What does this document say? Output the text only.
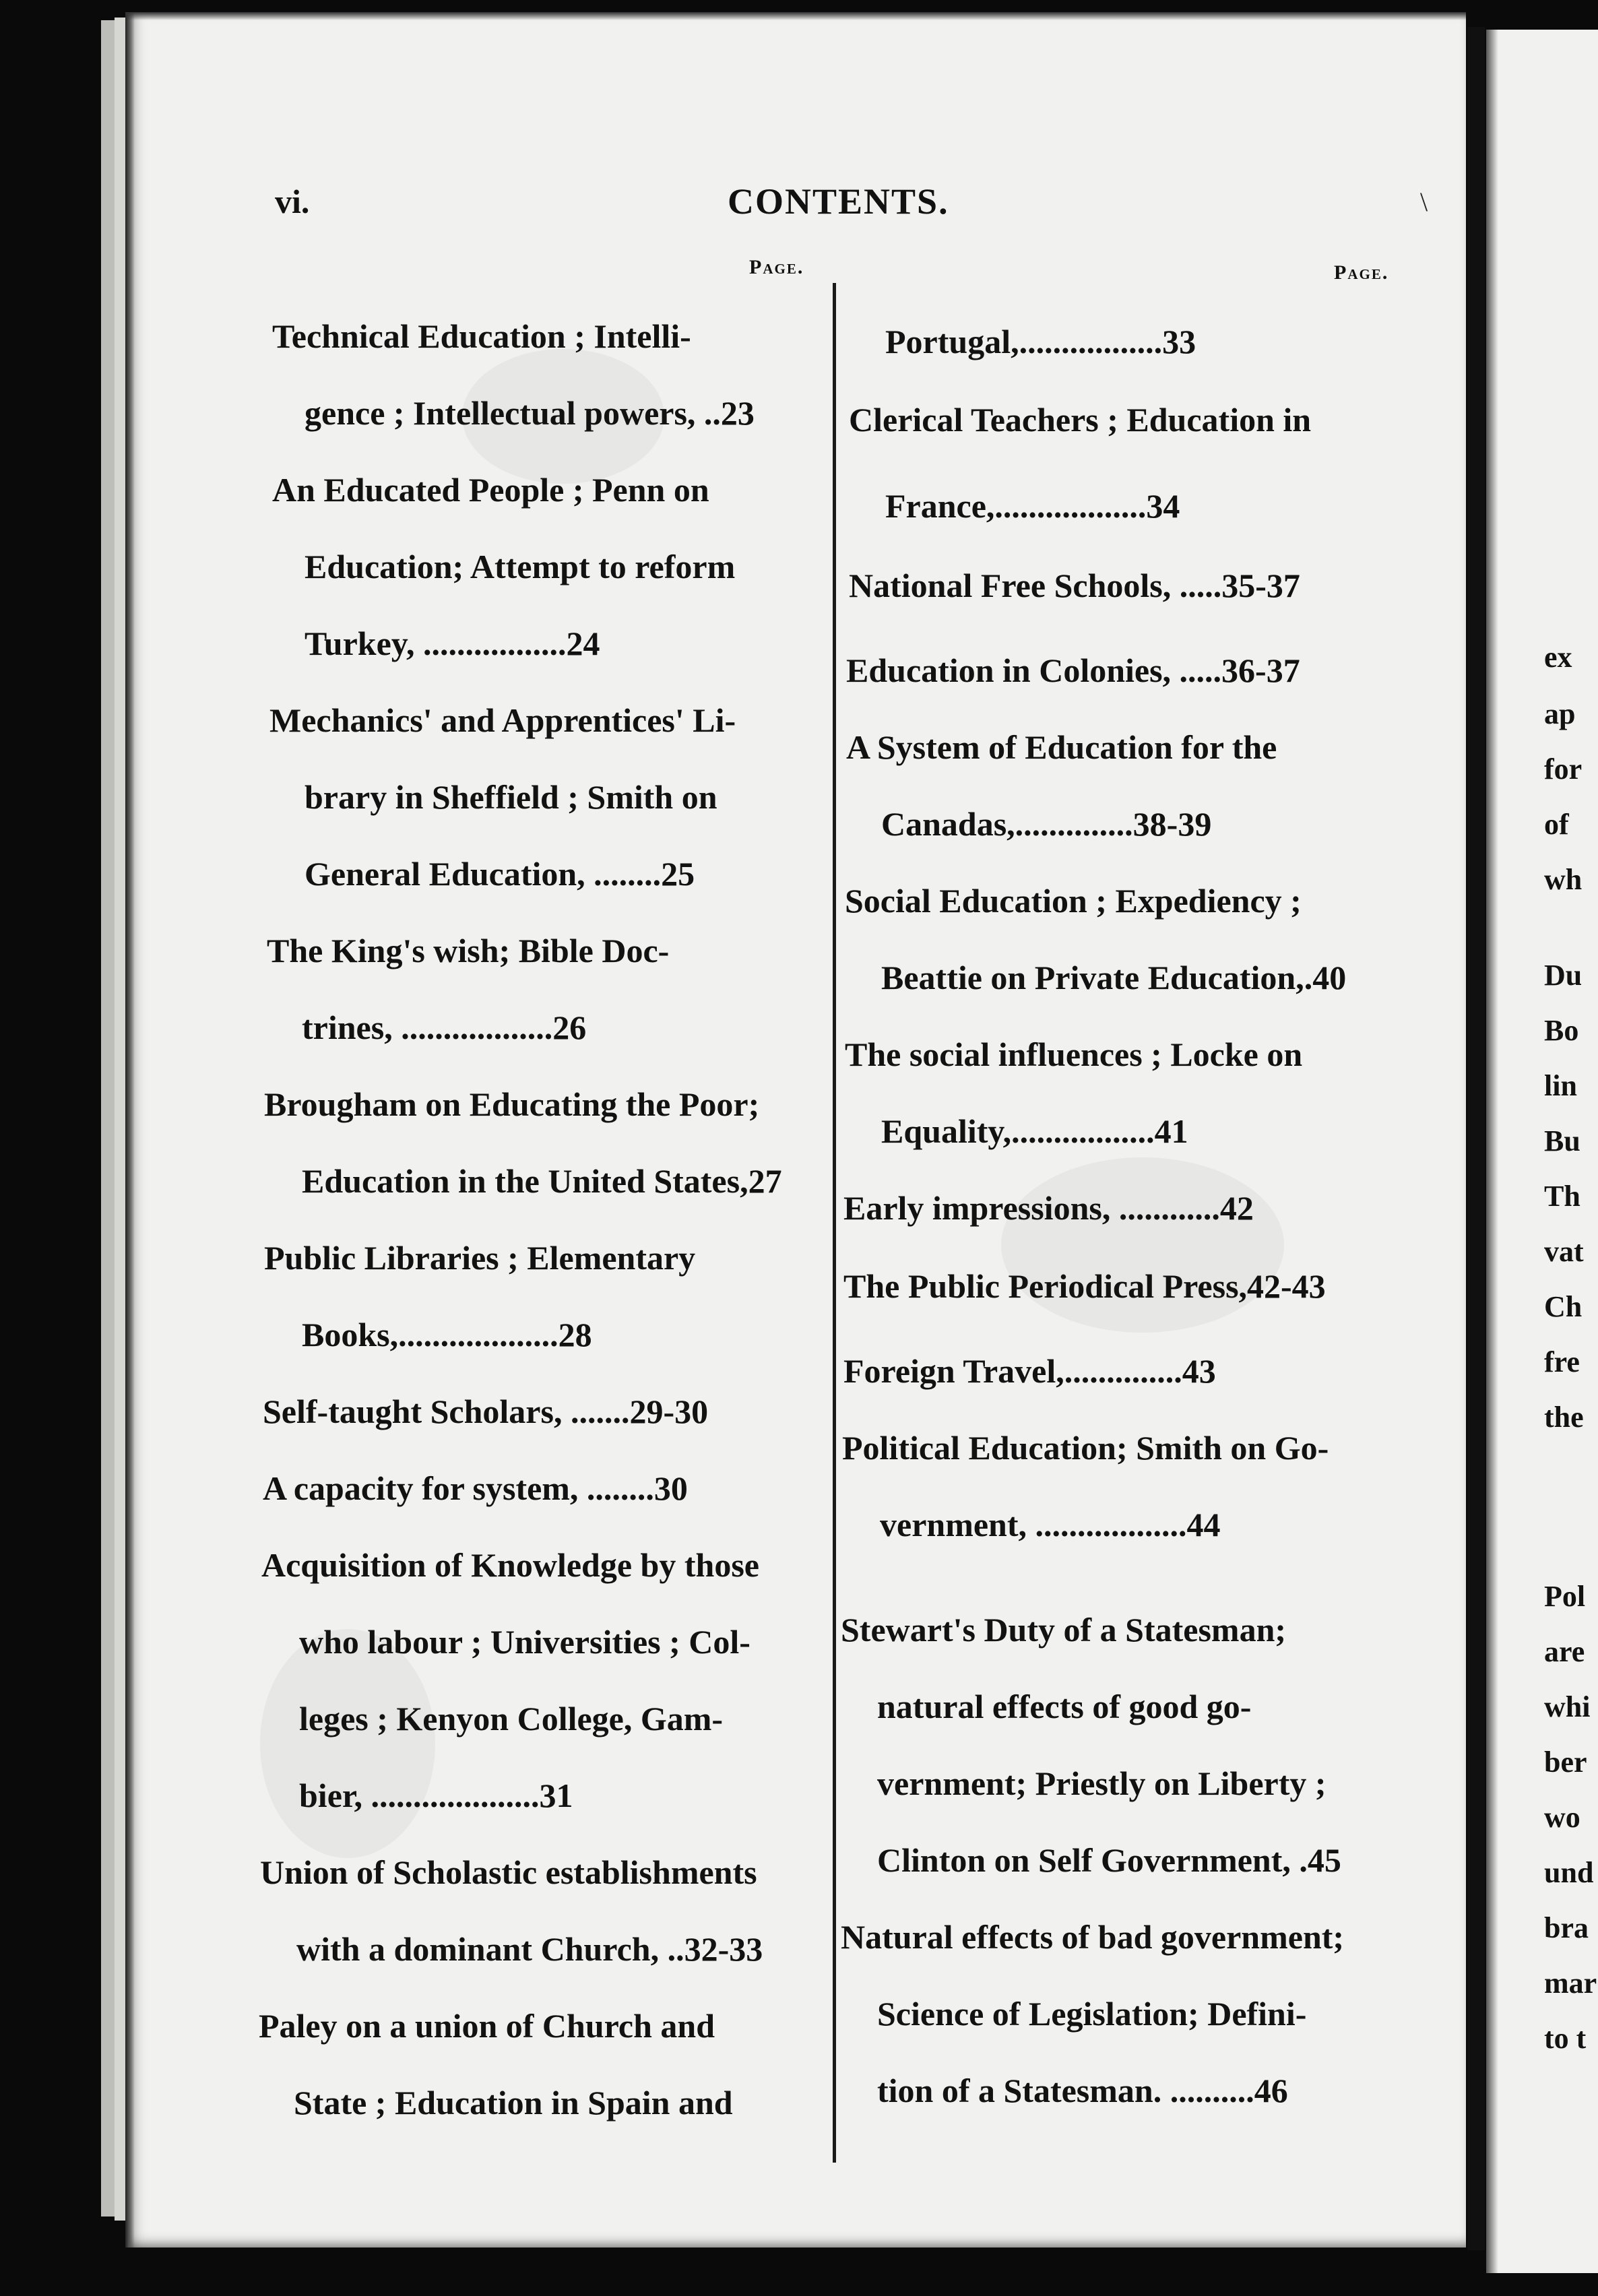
vi.	CONTENTS.	\
Page.	Page.
Technical Education ; Intelli-
gence ; Intellectual powers, ..23
An Educated People ; Penn on
Education; Attempt to reform
Turkey, .................24
Mechanics' and Apprentices' Li-
brary in Sheffield ; Smith on
General Education, ........25
The King's wish; Bible Doc-
trines, ..................26
Brougham on Educating the Poor;
Education in the United States,27
Public Libraries ; Elementary
Books,...................28
Self-taught Scholars, .......29-30
A capacity for system, ........30
Acquisition of Knowledge by those
who labour ; Universities ; Col-
leges ; Kenyon College, Gam-
bier, ....................31
Union of Scholastic establishments
with a dominant Church, ..32-33
Paley on a union of Church and
State ; Education in Spain and
Portugal,.................33
Clerical Teachers ; Education in
France,..................34
National Free Schools, .....35-37
Education in Colonies, .....36-37
A System of Education for the
Canadas,..............38-39
Social Education ; Expediency ;
Beattie on Private Education,.40
The social influences ; Locke on
Equality,.................41
Early impressions, ............42
The Public Periodical Press,42-43
Foreign Travel,..............43
Political Education; Smith on Go-
vernment, ..................44
Stewart's Duty of a Statesman;
natural effects of good go-
vernment; Priestly on Liberty ;
Clinton on Self Government, .45
Natural effects of bad government;
Science of Legislation; Defini-
tion of a Statesman. ..........46
ex
ap
for
of
wh
Du
Bo
lin
Bu
Th
vat
Ch
fre
the
Pol
are
whi
ber
wo
und
bra
mar
to t
